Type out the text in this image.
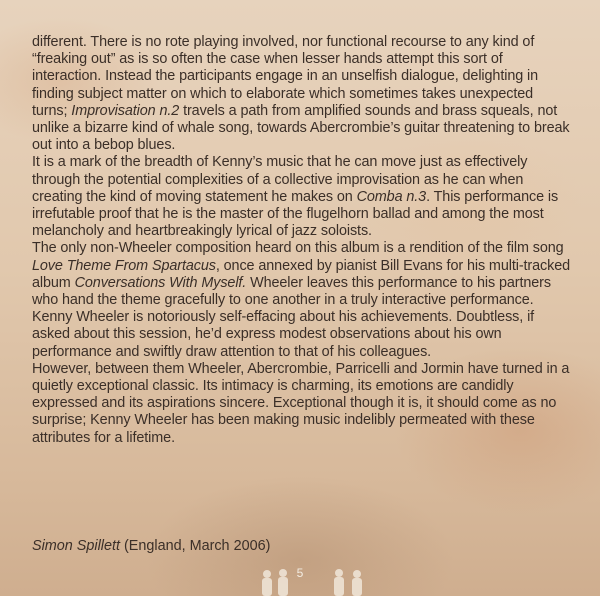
different. There is no rote playing involved, nor functional recourse to any kind of “freaking out” as is so often the case when lesser hands attempt this sort of interaction. Instead the participants engage in an unselfish dialogue, delighting in finding subject matter on which to elaborate which sometimes takes unexpected turns; Improvisation n.2 travels a path from amplified sounds and brass squeals, not unlike a bizarre kind of whale song, towards Abercrombie’s guitar threatening to break out into a bebop blues.

It is a mark of the breadth of Kenny’s music that he can move just as effectively through the potential complexities of a collective improvisation as he can when creating the kind of moving statement he makes on Comba n.3. This performance is irrefutable proof that he is the master of the flugelhorn ballad and among the most melancholy and heartbreakingly lyrical of jazz soloists.

The only non-Wheeler composition heard on this album is a rendition of the film song Love Theme From Spartacus, once annexed by pianist Bill Evans for his multi-tracked album Conversations With Myself. Wheeler leaves this performance to his partners who hand the theme gracefully to one another in a truly interactive performance.

Kenny Wheeler is notoriously self-effacing about his achievements. Doubtless, if asked about this session, he’d express modest observations about his own performance and swiftly draw attention to that of his colleagues.

However, between them Wheeler, Abercrombie, Parricelli and Jormin have turned in a quietly exceptional classic. Its intimacy is charming, its emotions are candidly expressed and its aspirations sincere. Exceptional though it is, it should come as no surprise; Kenny Wheeler has been making music indelibly permeated with these attributes for a lifetime.

Simon Spillett (England, March 2006)
5
